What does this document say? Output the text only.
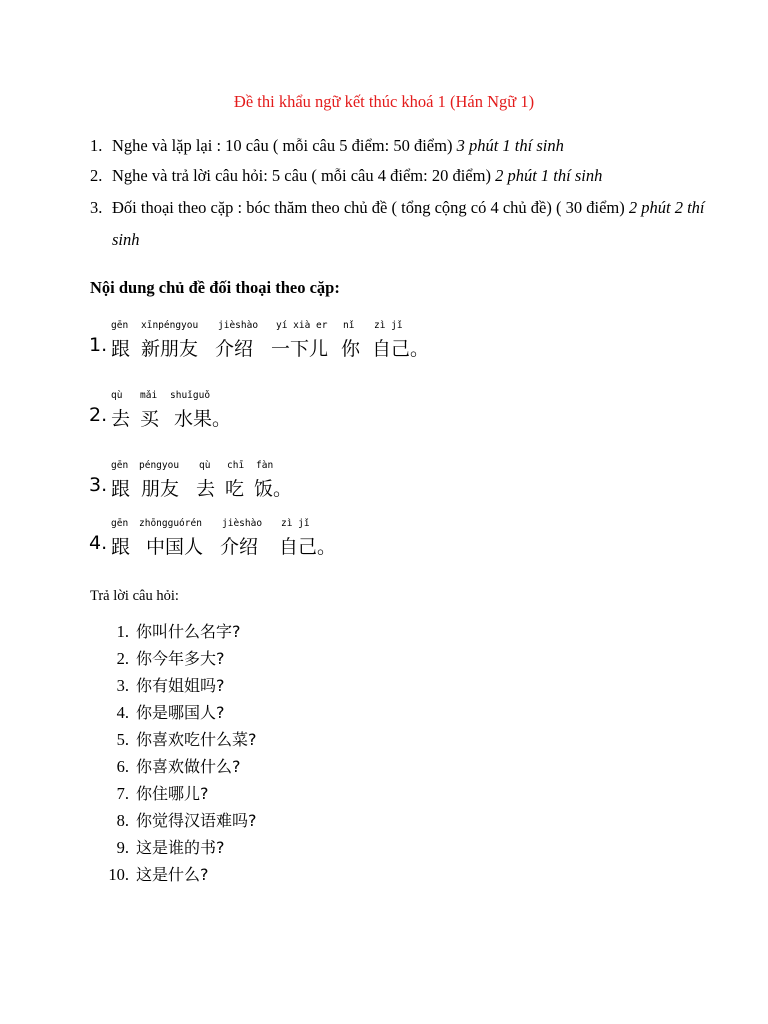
Đề thi khẩu ngữ kết thúc khoá 1 (Hán Ngữ 1)
1. Nghe và lặp lại : 10 câu ( mỗi câu 5 điểm: 50 điểm) 3 phút 1 thí sinh
2. Nghe và trả lời câu hỏi: 5 câu ( mỗi câu 4 điểm: 20 điểm) 2 phút 1 thí sinh
3. Đối thoại theo cặp : bóc thăm theo chủ đề ( tổng cộng có 4 chủ đề) ( 30 điểm) 2 phút 2 thí sinh
Nội dung chủ đề đối thoại theo cặp:
gēn xīnpéngyou jièshào yí xià er nǐ zì jǐ
1. 跟 新朋友 介绍 一下儿 你 自己。
qù mǎi shuǐguǒ
2. 去 买 水果。
gēn péngyou qù chī fàn
3. 跟 朋友 去 吃 饭。
gēn zhōngguórén jièshào zì jǐ
4. 跟 中国人 介绍 自己。
Trả lời câu hỏi:
1. 你叫什么名字?
2. 你今年多大?
3. 你有姐姐吗?
4. 你是哪国人?
5. 你喜欢吃什么菜?
6. 你喜欢做什么?
7. 你住哪儿?
8. 你觉得汉语难吗?
9. 这是谁的书?
10. 这是什么?
